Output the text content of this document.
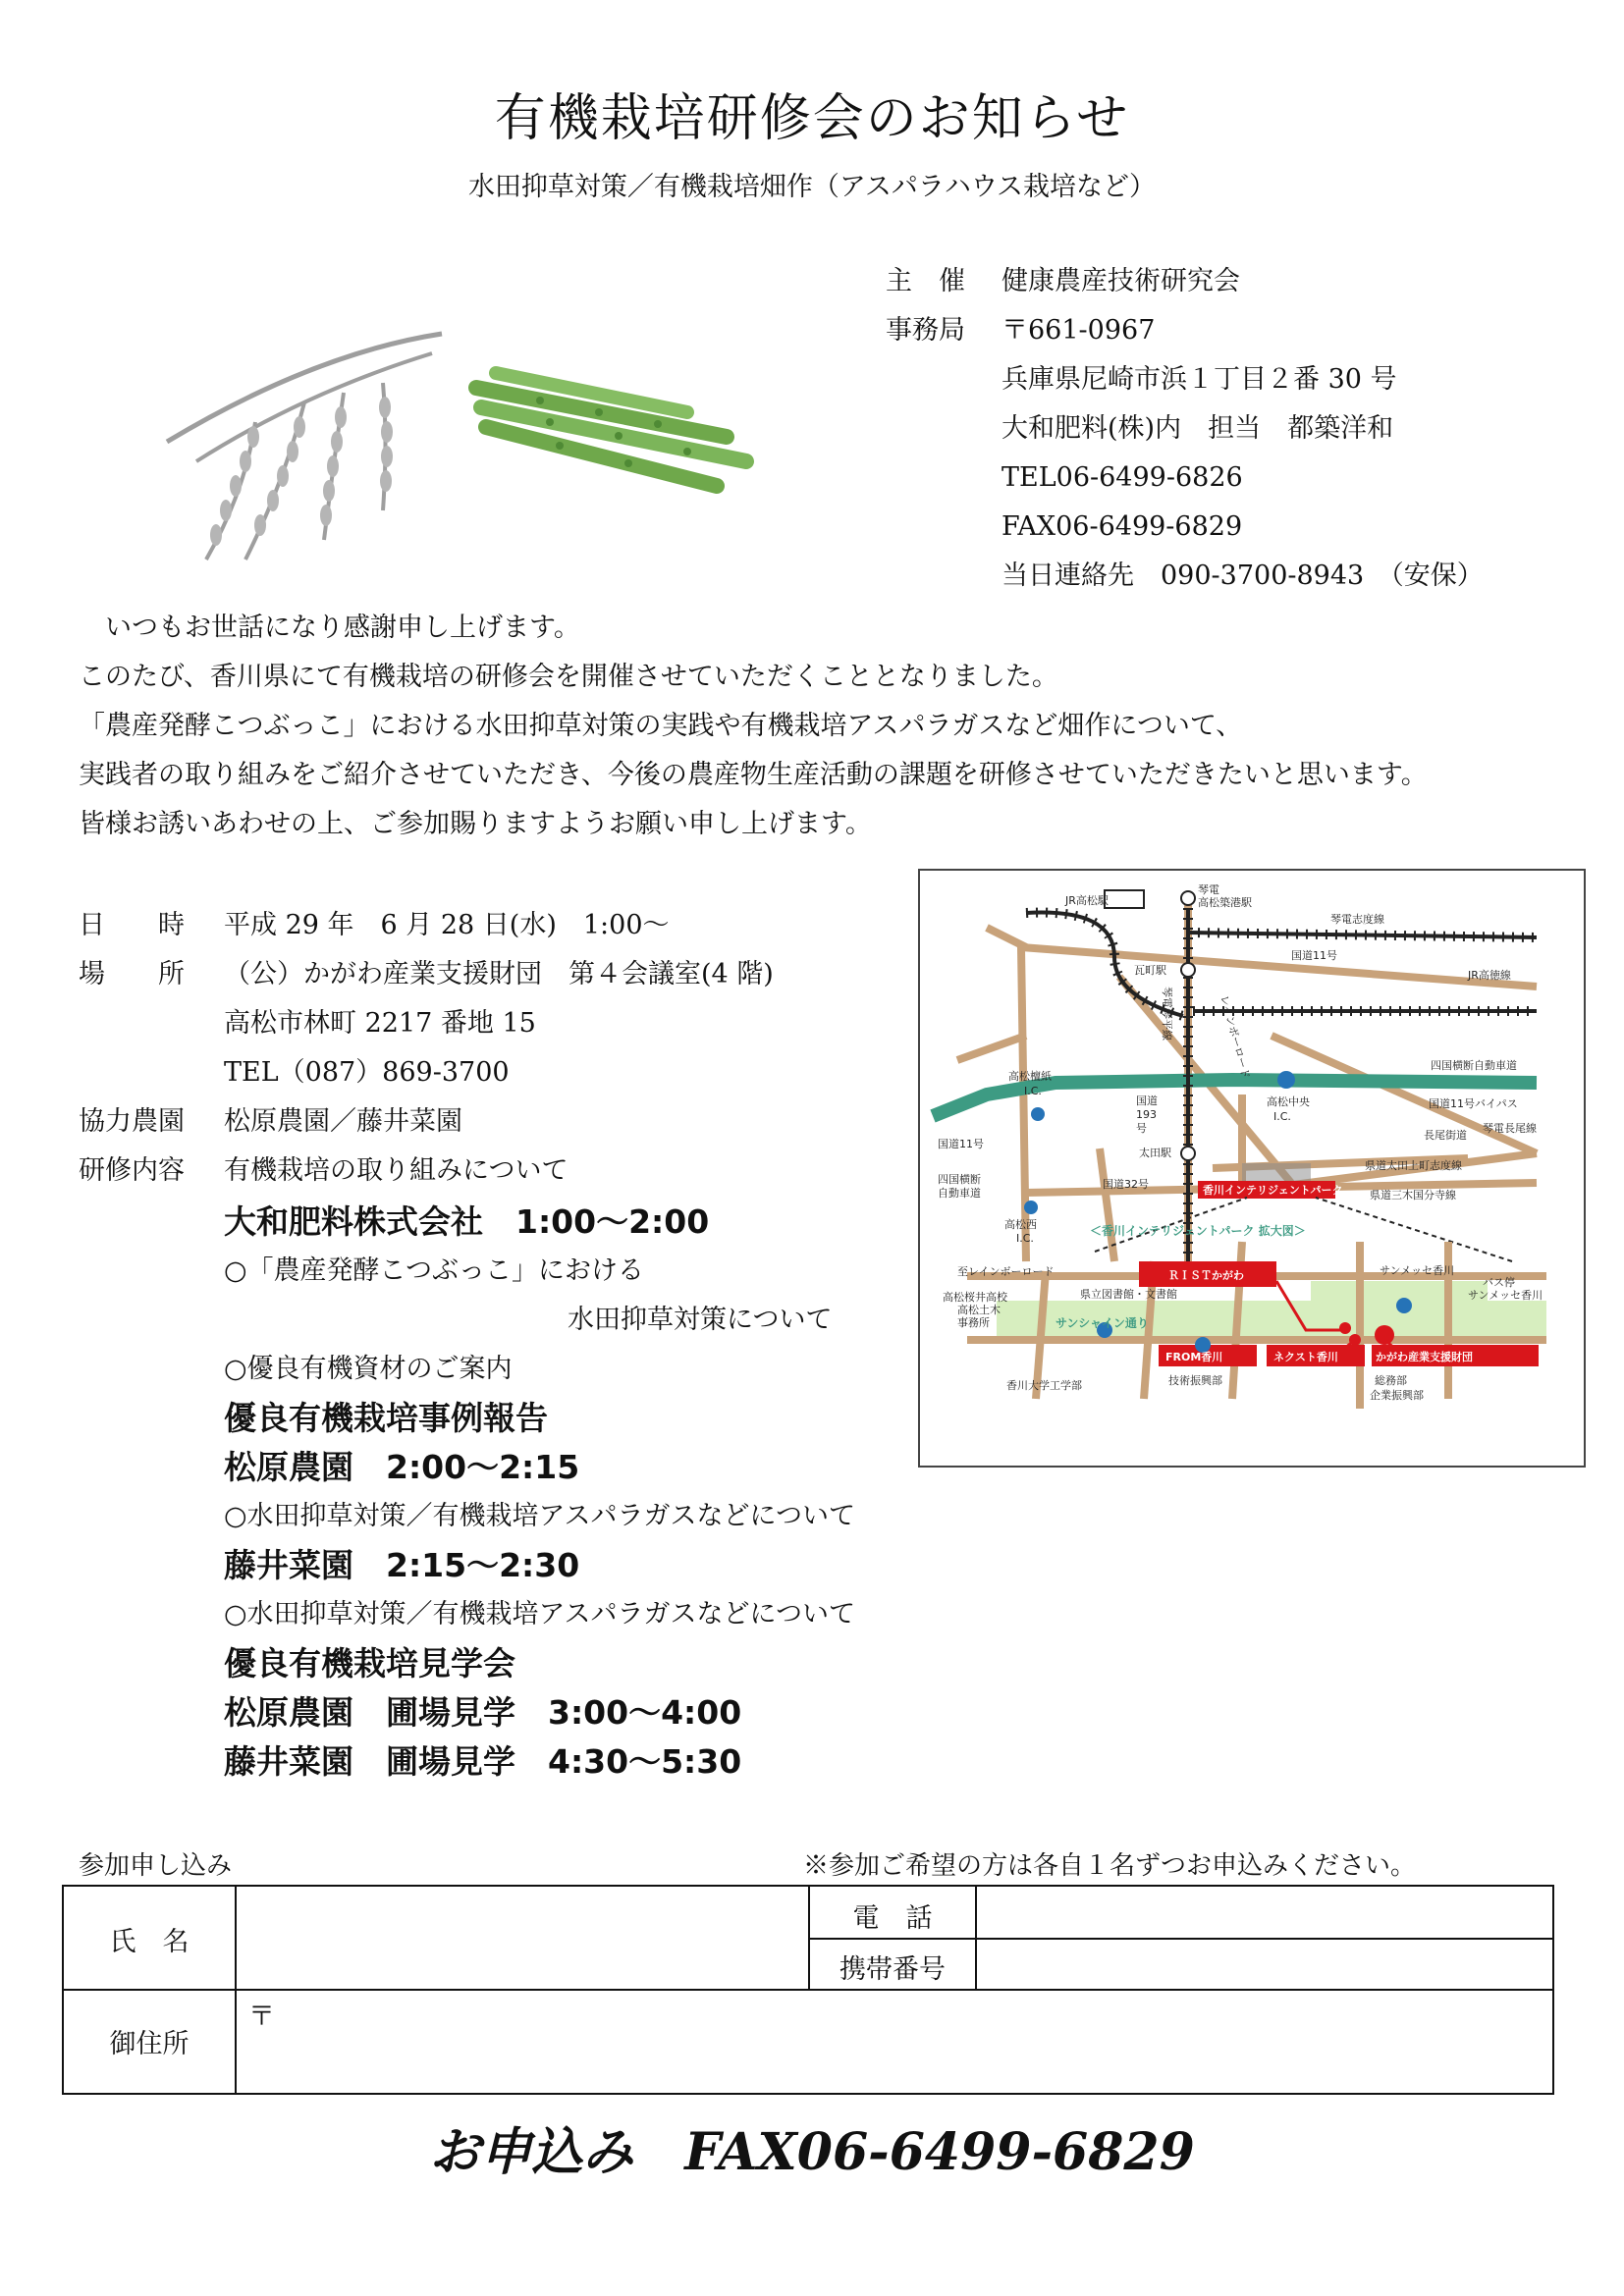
有機栽培研修会のお知らせ
水田抑草対策／有機栽培畑作（アスパラハウス栽培など）
主　催 健康農産技術研究会
事務局 〒661-0967
兵庫県尼崎市浜１丁目２番 30 号
大和肥料(株)内　担当　都築洋和
TEL06-6499-6826
FAX06-6499-6829
当日連絡先　090-3700-8943　（安保）
　いつもお世話になり感謝申し上げます。
このたび、香川県にて有機栽培の研修会を開催させていただくこととなりました。
「農産発酵こつぶっこ」における水田抑草対策の実践や有機栽培アスパラガスなど畑作について、
実践者の取り組みをご紹介させていただき、今後の農産物生産活動の課題を研修させていただきたいと思います。
皆様お誘いあわせの上、ご参加賜りますようお願い申し上げます。
日　　時 平成 29 年　6 月 28 日(水)　1:00～
場　　所 （公）かがわ産業支援財団　第４会議室(4 階)
高松市林町 2217 番地 15
TEL（087）869-3700
協力農園 松原農園／藤井菜園
研修内容 有機栽培の取り組みについて
大和肥料株式会社　1:00～2:00
○「農産発酵こつぶっこ」における
水田抑草対策について
○優良有機資材のご案内
優良有機栽培事例報告
松原農園　2:00～2:15
○水田抑草対策／有機栽培アスパラガスなどについて
藤井菜園　2:15～2:30
○水田抑草対策／有機栽培アスパラガスなどについて
優良有機栽培見学会
松原農園　圃場見学　3:00～4:00
藤井菜園　圃場見学　4:30～5:30
JR高松駅
琴電
高松築港駅
琴電志度線
国道11号
JR高徳線
瓦町駅
四国横断自動車道
国道11号バイパス
高松檀紙
I.C.
国道
193
号
高松中央
I.C.
琴電長尾線
長尾街道
国道11号
太田駅
国道32号
県道太田上町志度線
四国横断
自動車道	県道三木国分寺線
高松西
I.C.
至レインボーロード	サンメッセ香川
バス停
サンメッセ香川
高松桜井高校
高松土木
事務所
県立図書館・文書館
香川大学工学部	技術振興部	総務部
企業振興部
香川インテリジェントパーク
ＲＩＳＴかがわ
FROM香川	ネクスト香川	かがわ産業支援財団
＜香川インテリジェントパーク 拡大図＞
サンシャイン通り
琴電琴平線	レインボーロード
参加申し込み	※参加ご希望の方は各自１名ずつお申込みください。
氏　名
電　話
携帯番号
御住所
〒
お申込み　FAX06-6499-6829
